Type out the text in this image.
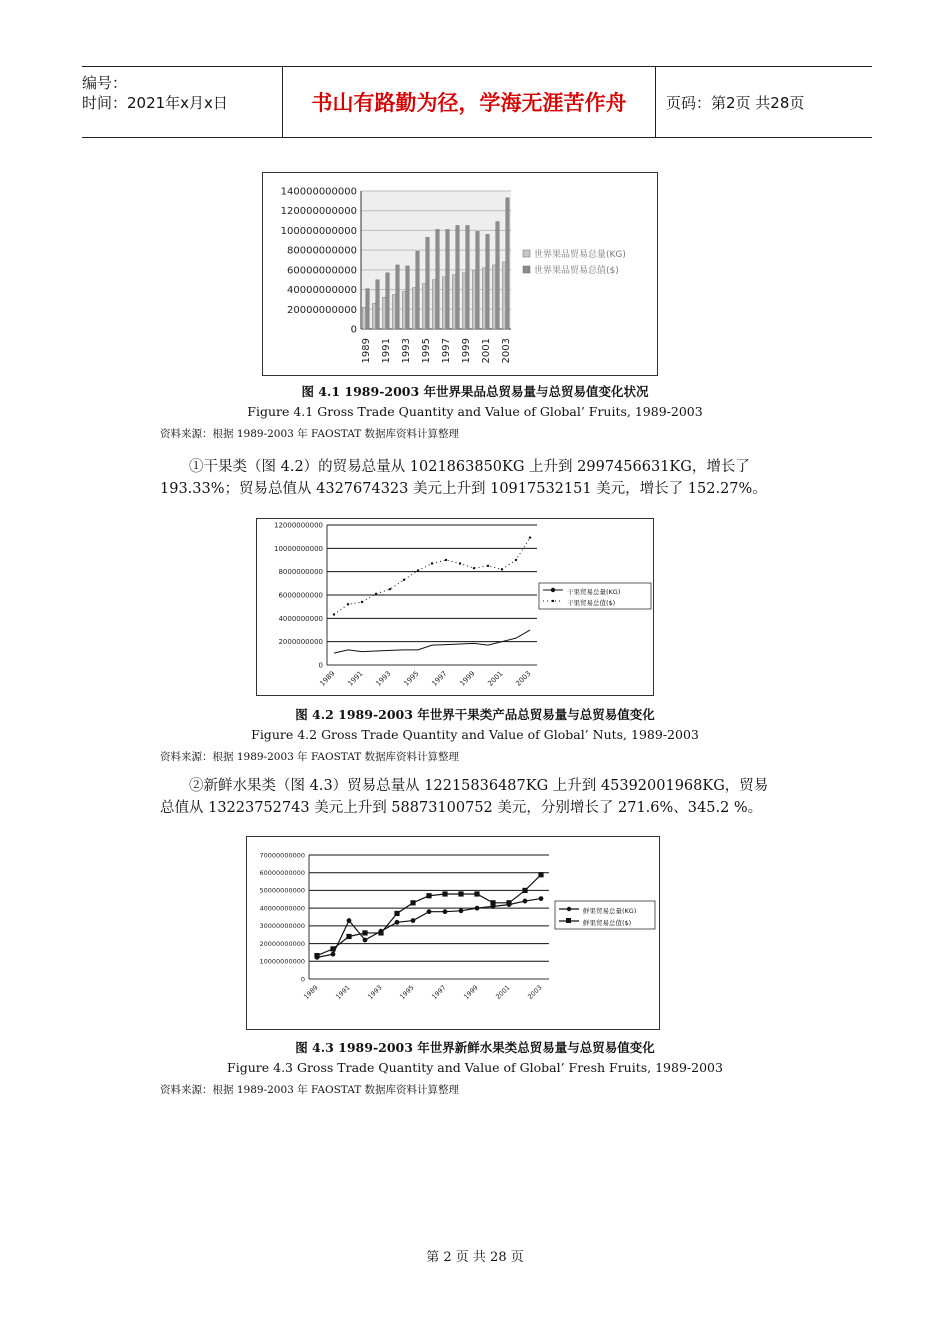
编号：
时间：2021年x月x日	书山有路勤为径，学海无涯苦作舟	页码：第2页 共28页
0
20000000000
40000000000
60000000000
80000000000
100000000000
120000000000
140000000000
1989 1991 1993 1995 1997 1999 2001 2003
世界果品贸易总量(KG)
世界果品贸易总值($)
图 4.1 1989-2003 年世界果品总贸易量与总贸易值变化状况
Figure 4.1 Gross Trade Quantity and Value of Global’ Fruits, 1989-2003
资料来源：根据 1989-2003 年 FAOSTAT 数据库资料计算整理
①干果类（图 4.2）的贸易总量从 1021863850KG 上升到 2997456631KG，增长了193.33%；贸易总值从 4327674323 美元上升到 10917532151 美元，增长了 152.27%。
0
2000000000
4000000000
6000000000
8000000000
10000000000
12000000000
1989 1991 1993 1995 1997 1999 2001 2003
干果贸易总量(KG)
干果贸易总值($)
图 4.2 1989-2003 年世界干果类产品总贸易量与总贸易值变化
Figure 4.2 Gross Trade Quantity and Value of Global’ Nuts, 1989-2003
资料来源：根据 1989-2003 年 FAOSTAT 数据库资料计算整理
②新鲜水果类（图 4.3）贸易总量从 12215836487KG 上升到 45392001968KG，贸易总值从 13223752743 美元上升到 58873100752 美元，分别增长了 271.6%、345.2 %。
0
10000000000
20000000000
30000000000
40000000000
50000000000
60000000000
70000000000
1989 1991 1993 1995 1997 1999 2001 2003
鲜果贸易总量(KG)
鲜果贸易总值($)
图 4.3 1989-2003 年世界新鲜水果类总贸易量与总贸易值变化
Figure 4.3 Gross Trade Quantity and Value of Global’ Fresh Fruits, 1989-2003
资料来源：根据 1989-2003 年 FAOSTAT 数据库资料计算整理
第 2 页 共 28 页
